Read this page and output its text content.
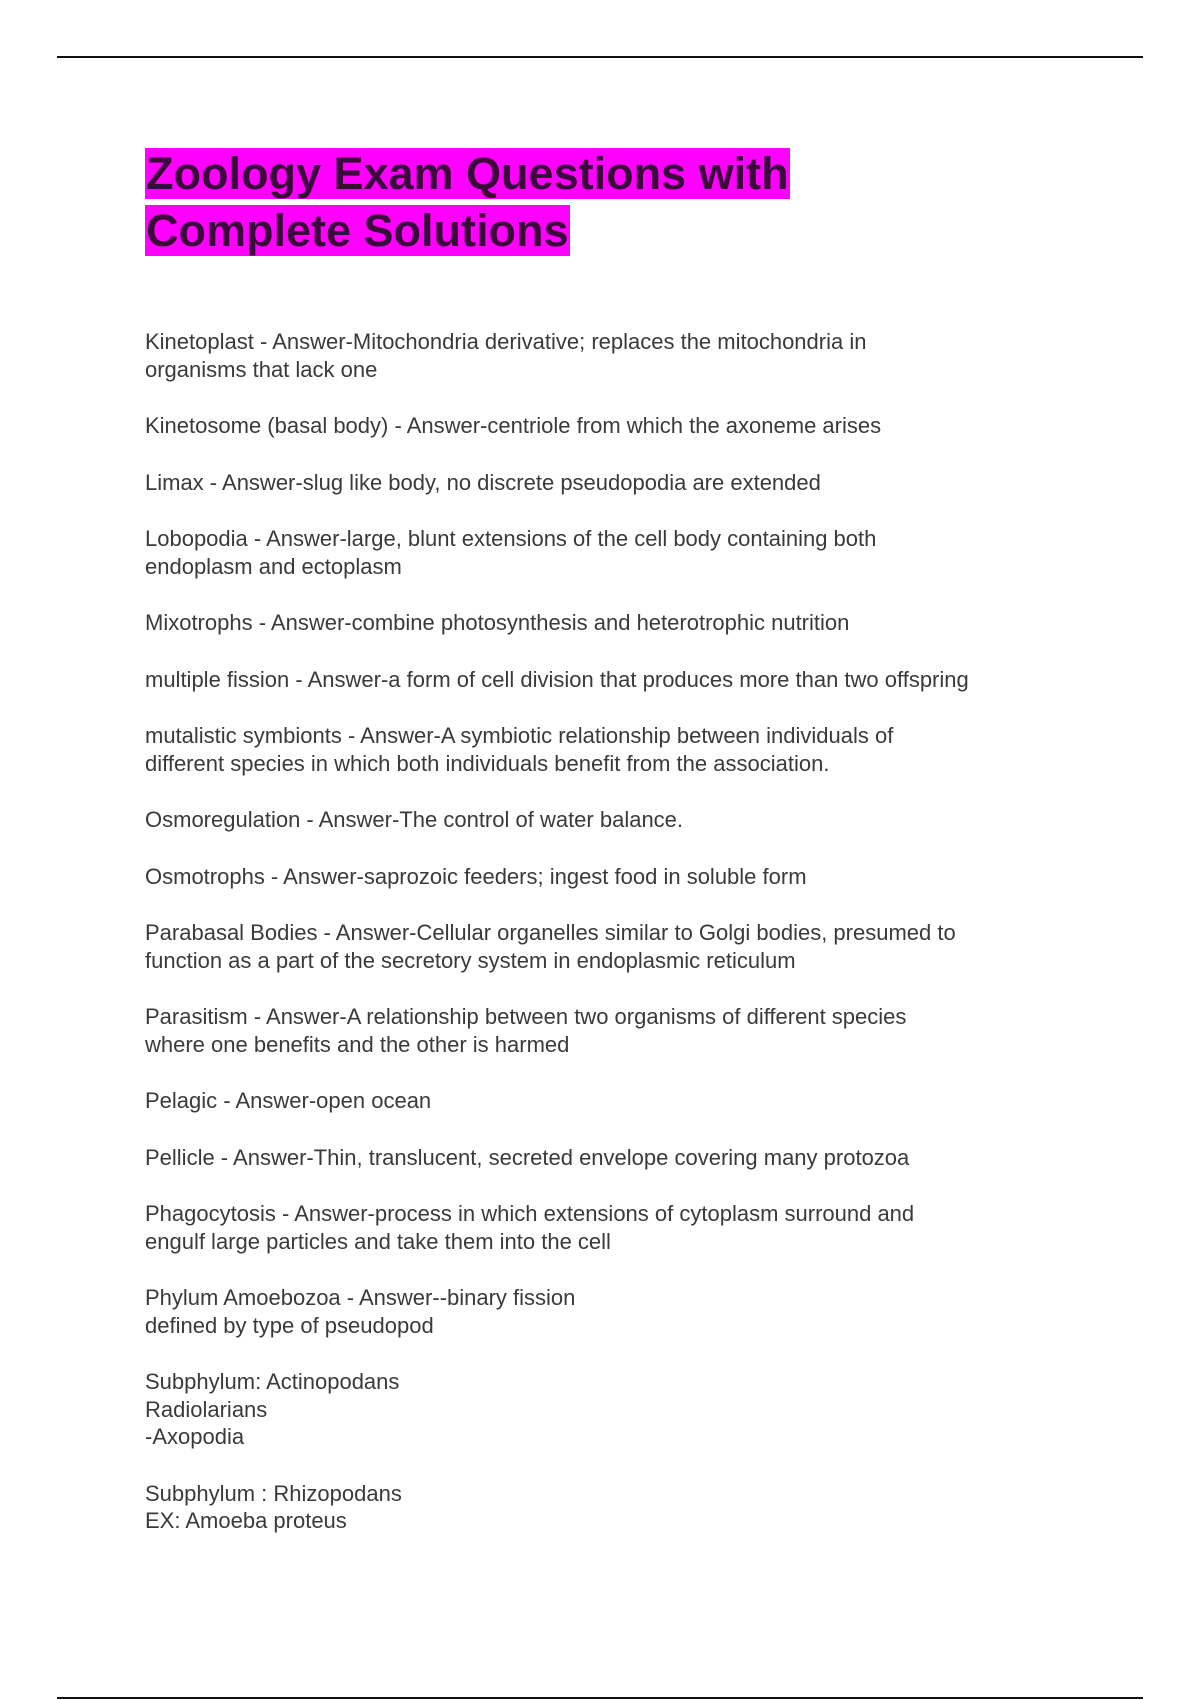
Zoology Exam Questions with Complete Solutions

Kinetoplast - Answer-Mitochondria derivative; replaces the mitochondria in
organisms that lack one

Kinetosome (basal body) - Answer-centriole from which the axoneme arises

Limax - Answer-slug like body, no discrete pseudopodia are extended

Lobopodia - Answer-large, blunt extensions of the cell body containing both
endoplasm and ectoplasm

Mixotrophs - Answer-combine photosynthesis and heterotrophic nutrition

multiple fission - Answer-a form of cell division that produces more than two offspring

mutalistic symbionts - Answer-A symbiotic relationship between individuals of
different species in which both individuals benefit from the association.

Osmoregulation - Answer-The control of water balance.

Osmotrophs - Answer-saprozoic feeders; ingest food in soluble form

Parabasal Bodies - Answer-Cellular organelles similar to Golgi bodies, presumed to
function as a part of the secretory system in endoplasmic reticulum

Parasitism - Answer-A relationship between two organisms of different species
where one benefits and the other is harmed

Pelagic - Answer-open ocean

Pellicle - Answer-Thin, translucent, secreted envelope covering many protozoa

Phagocytosis - Answer-process in which extensions of cytoplasm surround and
engulf large particles and take them into the cell

Phylum Amoebozoa - Answer--binary fission
defined by type of pseudopod

Subphylum: Actinopodans
Radiolarians
-Axopodia

Subphylum : Rhizopodans
EX: Amoeba proteus
